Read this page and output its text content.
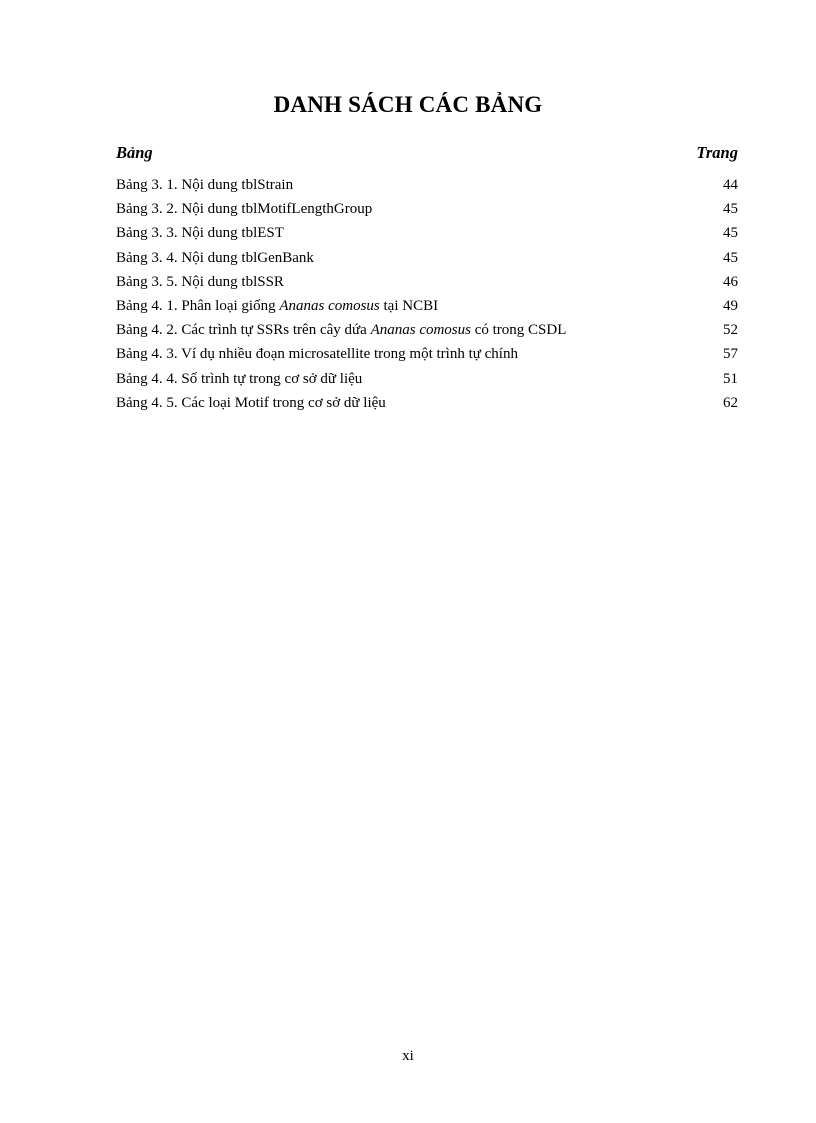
DANH SÁCH CÁC BẢNG
Bảng	Trang
Bảng 3. 1. Nội dung tblStrain	44
Bảng 3. 2. Nội dung tblMotifLengthGroup	45
Bảng 3. 3. Nội dung tblEST	45
Bảng 3. 4. Nội dung tblGenBank	45
Bảng 3. 5. Nội dung tblSSR	46
Bảng 4. 1. Phân loại giống Ananas comosus tại NCBI	49
Bảng 4. 2. Các trình tự SSRs trên cây dứa Ananas comosus có trong CSDL	52
Bảng 4. 3. Ví dụ nhiều đoạn microsatellite trong một trình tự chính	57
Bảng 4. 4. Số trình tự trong cơ sở dữ liệu	51
Bảng 4. 5. Các loại Motif trong cơ sở dữ liệu	62
xi
